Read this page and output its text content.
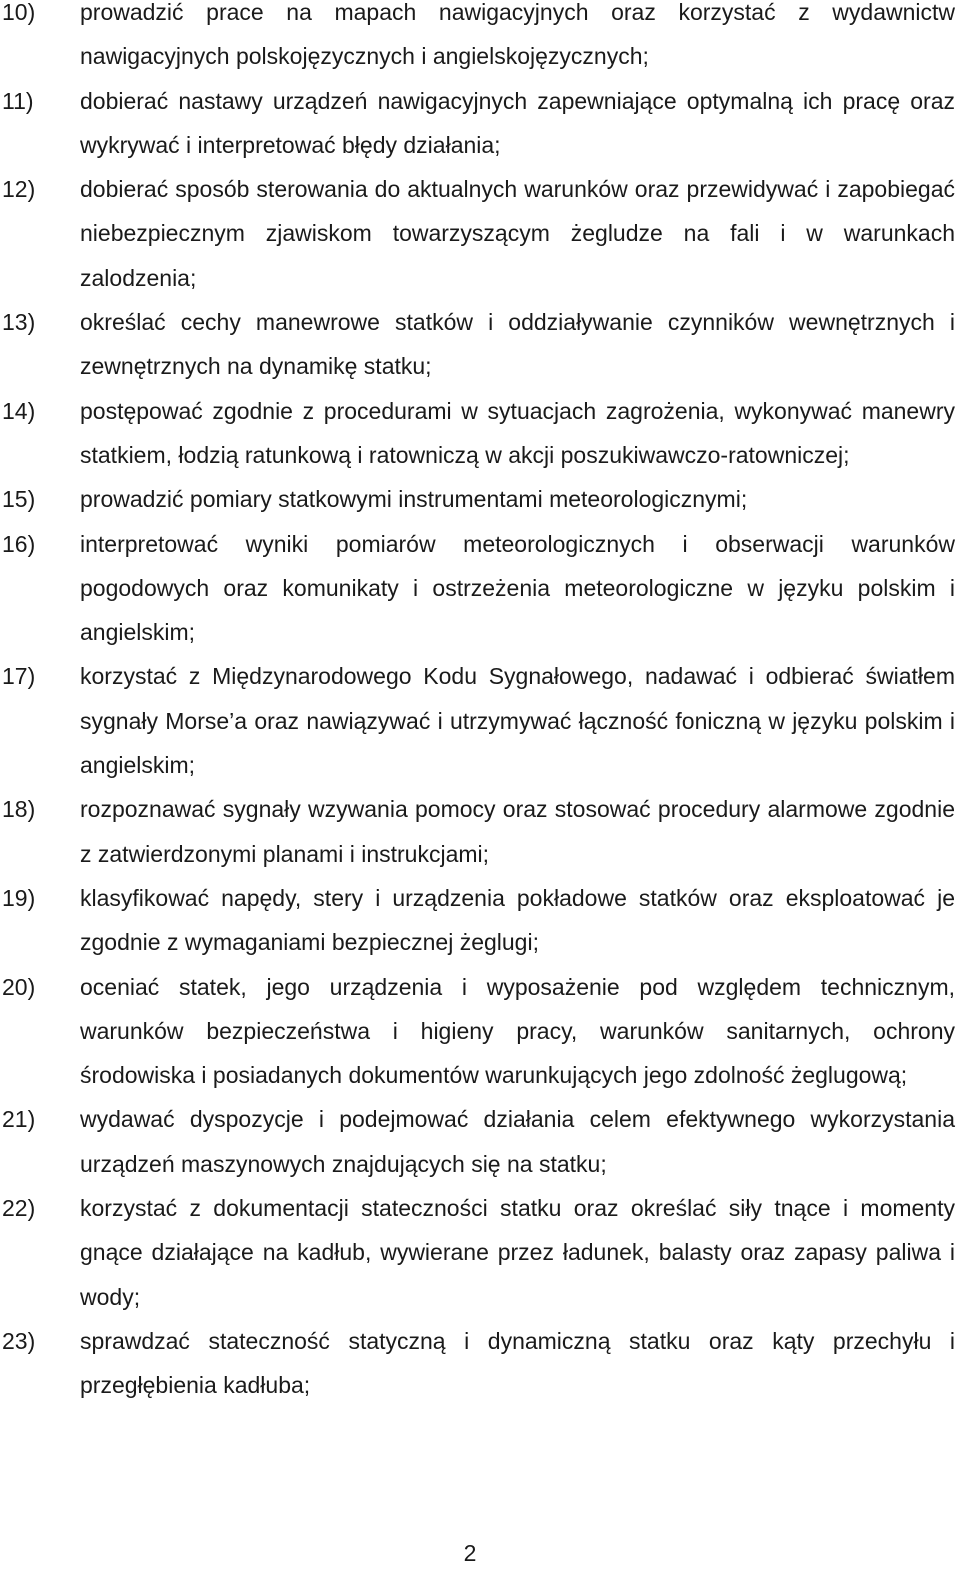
10) prowadzić prace na mapach nawigacyjnych oraz korzystać z wydawnictw nawigacyjnych polskojęzycznych i angielskojęzycznych;
11) dobierać nastawy urządzeń nawigacyjnych zapewniające optymalną ich pracę oraz wykrywać i interpretować błędy działania;
12) dobierać sposób sterowania do aktualnych warunków oraz przewidywać i zapobiegać niebezpiecznym zjawiskom towarzyszącym żegludze na fali i w warunkach zalodzenia;
13) określać cechy manewrowe statków i oddziaływanie czynników wewnętrznych i zewnętrznych na dynamikę statku;
14) postępować zgodnie z procedurami w sytuacjach zagrożenia, wykonywać manewry statkiem, łodzią ratunkową i ratowniczą w akcji poszukiwawczo-ratowniczej;
15) prowadzić pomiary statkowymi instrumentami meteorologicznymi;
16) interpretować wyniki pomiarów meteorologicznych i obserwacji warunków pogodowych oraz komunikaty i ostrzeżenia meteorologiczne w języku polskim i angielskim;
17) korzystać z Międzynarodowego Kodu Sygnałowego, nadawać i odbierać światłem sygnały Morse’a oraz nawiązywać i utrzymywać łączność foniczną w języku polskim i angielskim;
18) rozpoznawać sygnały wzywania pomocy oraz stosować procedury alarmowe zgodnie z zatwierdzonymi planami i instrukcjami;
19) klasyfikować napędy, stery i urządzenia pokładowe statków oraz eksploatować je zgodnie z wymaganiami bezpiecznej żeglugi;
20) oceniać statek, jego urządzenia i wyposażenie pod względem technicznym, warunków bezpieczeństwa i higieny pracy, warunków sanitarnych, ochrony środowiska i posiadanych dokumentów warunkujących jego zdolność żeglugową;
21) wydawać dyspozycje i podejmować działania celem efektywnego wykorzystania urządzeń maszynowych znajdujących się na statku;
22) korzystać z dokumentacji stateczności statku oraz określać siły tnące i momenty gnące działające na kadłub, wywierane przez ładunek, balasty oraz zapasy paliwa i wody;
23) sprawdzać stateczność statyczną i dynamiczną statku oraz kąty przechyłu i przegłębienia kadłuba;
2
